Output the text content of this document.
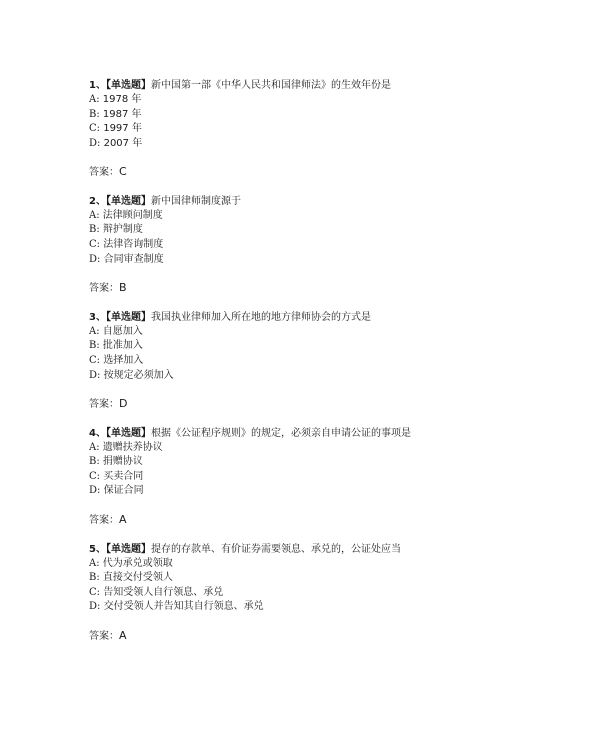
1、【单选题】新中国第一部《中华人民共和国律师法》的生效年份是
A: 1978 年
B: 1987 年
C: 1997 年
D: 2007 年
答案：C
2、【单选题】新中国律师制度源于
A: 法律顾问制度
B: 辩护制度
C: 法律咨询制度
D: 合同审查制度
答案：B
3、【单选题】我国执业律师加入所在地的地方律师协会的方式是
A: 自愿加入
B: 批准加入
C: 选择加入
D: 按规定必须加入
答案：D
4、【单选题】根据《公证程序规则》的规定，必须亲自申请公证的事项是
A: 遗赠扶养协议
B: 捐赠协议
C: 买卖合同
D: 保证合同
答案：A
5、【单选题】提存的存款单、有价证券需要领息、承兑的，公证处应当
A: 代为承兑或领取
B: 直接交付受领人
C: 告知受领人自行领息、承兑
D: 交付受领人并告知其自行领息、承兑
答案：A
